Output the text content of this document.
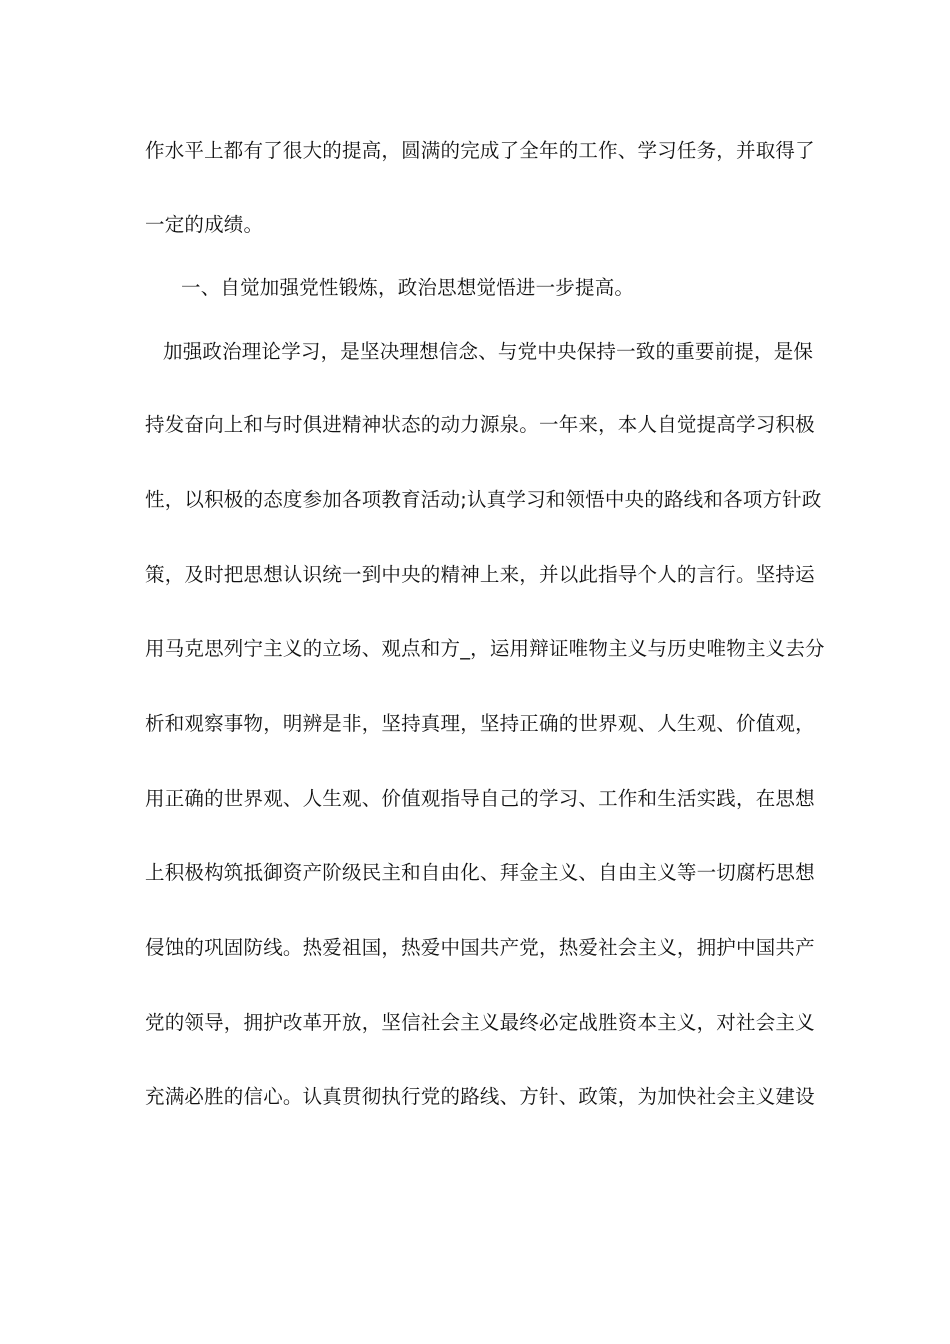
作水平上都有了很大的提高，圆满的完成了全年的工作、学习任务，并取得了
一定的成绩。
一、自觉加强党性锻炼，政治思想觉悟进一步提高。
加强政治理论学习，是坚决理想信念、与党中央保持一致的重要前提，是保
持发奋向上和与时俱进精神状态的动力源泉。一年来，本人自觉提高学习积极
性，以积极的态度参加各项教育活动;认真学习和领悟中央的路线和各项方针政
策，及时把思想认识统一到中央的精神上来，并以此指导个人的言行。坚持运
用马克思列宁主义的立场、观点和方_，运用辩证唯物主义与历史唯物主义去分
析和观察事物，明辨是非，坚持真理，坚持正确的世界观、人生观、价值观，
用正确的世界观、人生观、价值观指导自己的学习、工作和生活实践，在思想
上积极构筑抵御资产阶级民主和自由化、拜金主义、自由主义等一切腐朽思想
侵蚀的巩固防线。热爱祖国，热爱中国共产党，热爱社会主义，拥护中国共产
党的领导，拥护改革开放，坚信社会主义最终必定战胜资本主义，对社会主义
充满必胜的信心。认真贯彻执行党的路线、方针、政策，为加快社会主义建设
